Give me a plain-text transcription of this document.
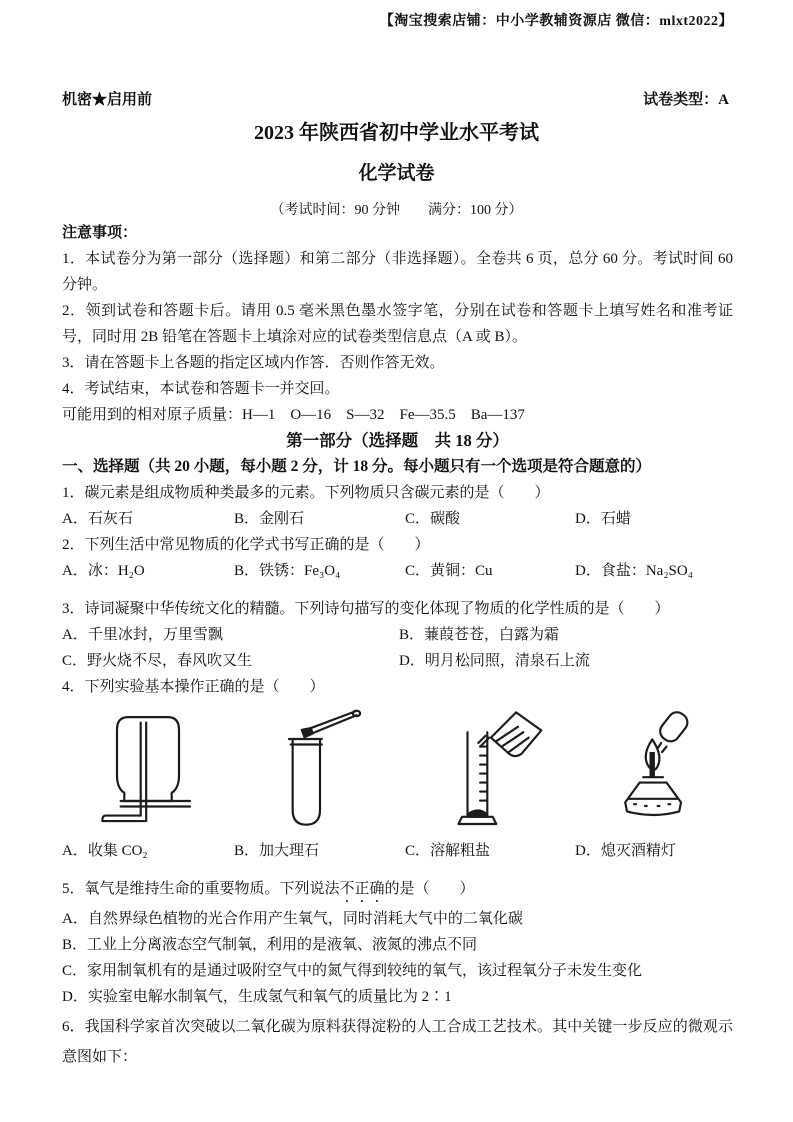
【淘宝搜索店铺：中小学教辅资源店 微信：mlxt2022】
机密★启用前	试卷类型：A
2023 年陕西省初中学业水平考试
化学试卷
（考试时间：90 分钟　　满分：100 分）
注意事项：
1．本试卷分为第一部分（选择题）和第二部分（非选择题）。全卷共 6 页，总分 60 分。考试时间 60 分钟。
2．领到试卷和答题卡后。请用 0.5 毫米黑色墨水签字笔，分别在试卷和答题卡上填写姓名和准考证号，同时用 2B 铅笔在答题卡上填涂对应的试卷类型信息点（A 或 B）。
3．请在答题卡上各题的指定区域内作答．否则作答无效。
4．考试结束，本试卷和答题卡一并交回。
可能用到的相对原子质量：H—1　O—16　S—32　Fe—35.5　Ba—137
第一部分（选择题　共 18 分）
一、选择题（共 20 小题，每小题 2 分，计 18 分。每小题只有一个选项是符合题意的）
1．碳元素是组成物质种类最多的元素。下列物质只含碳元素的是（　　）
A．石灰石	B．金刚石	C．碳酸	D．石蜡
2．下列生活中常见物质的化学式书写正确的是（　　）
A．冰：H₂O	B．铁锈：Fe₃O₄	C．黄铜：Cu	D．食盐：Na₂SO₄
3．诗词凝聚中华传统文化的精髓。下列诗句描写的变化体现了物质的化学性质的是（　　）
A．千里冰封，万里雪飘	B．蒹葭苍苍，白露为霜
C．野火烧不尽，春风吹又生	D．明月松同照，清泉石上流
4．下列实验基本操作正确的是（　　）
A．收集 CO₂	B．加大理石	C．溶解粗盐	D．熄灭酒精灯
5．氧气是维持生命的重要物质。下列说法不正确的是（　　）
A．自然界绿色植物的光合作用产生氧气，同时消耗大气中的二氧化碳
B．工业上分离液态空气制氧，利用的是液氧、液氮的沸点不同
C．家用制氧机有的是通过吸附空气中的氮气得到较纯的氧气，该过程氧分子未发生变化
D．实验室电解水制氧气，生成氢气和氧气的质量比为 2∶1
6．我国科学家首次突破以二氧化碳为原料获得淀粉的人工合成工艺技术。其中关键一步反应的微观示意图如下：
